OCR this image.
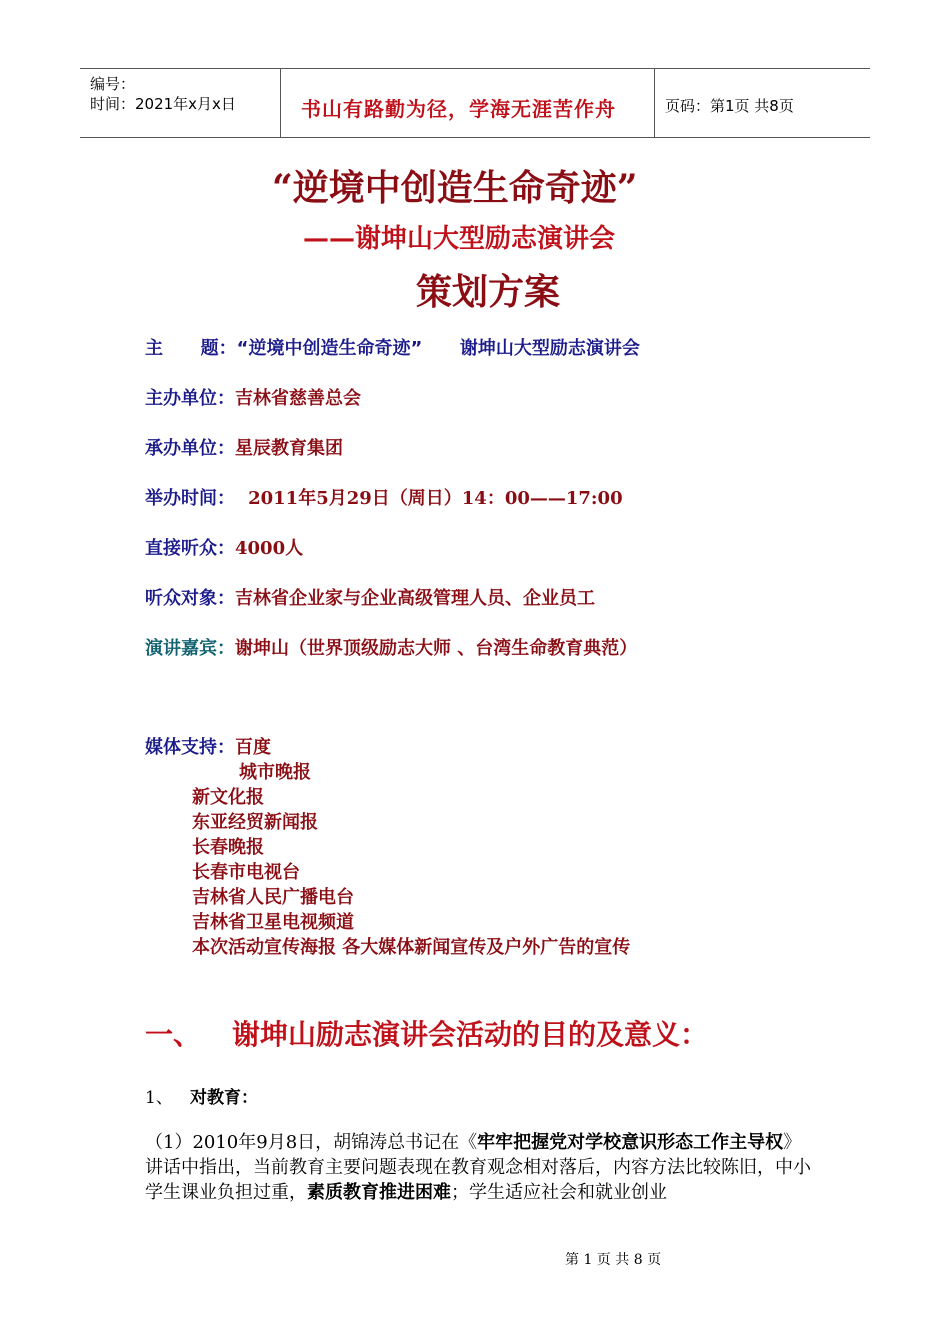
编号：
时间：2021年x月x日	书山有路勤为径，学海无涯苦作舟	页码：第1页 共8页
“逆境中创造生命奇迹”
——谢坤山大型励志演讲会
策划方案
主      题：“逆境中创造生命奇迹”      谢坤山大型励志演讲会
主办单位：吉林省慈善总会
承办单位：星辰教育集团
举办时间： 2011年5月29日（周日）14：00——17:00
直接听众：4000人
听众对象：吉林省企业家与企业高级管理人员、企业员工
演讲嘉宾：谢坤山（世界顶级励志大师 、台湾生命教育典范）
媒体支持：百度
城市晚报
新文化报
东亚经贸新闻报
长春晚报
长春市电视台
吉林省人民广播电台
吉林省卫星电视频道
本次活动宣传海报 各大媒体新闻宣传及户外广告的宣传
一、 谢坤山励志演讲会活动的目的及意义：
1、 对教育：
（1）2010年9月8日，胡锦涛总书记在《牢牢把握党对学校意识形态工作主导权》讲话中指出，当前教育主要问题表现在教育观念相对落后，内容方法比较陈旧，中小学生课业负担过重，素质教育推进困难；学生适应社会和就业创业
第 1 页 共 8 页
